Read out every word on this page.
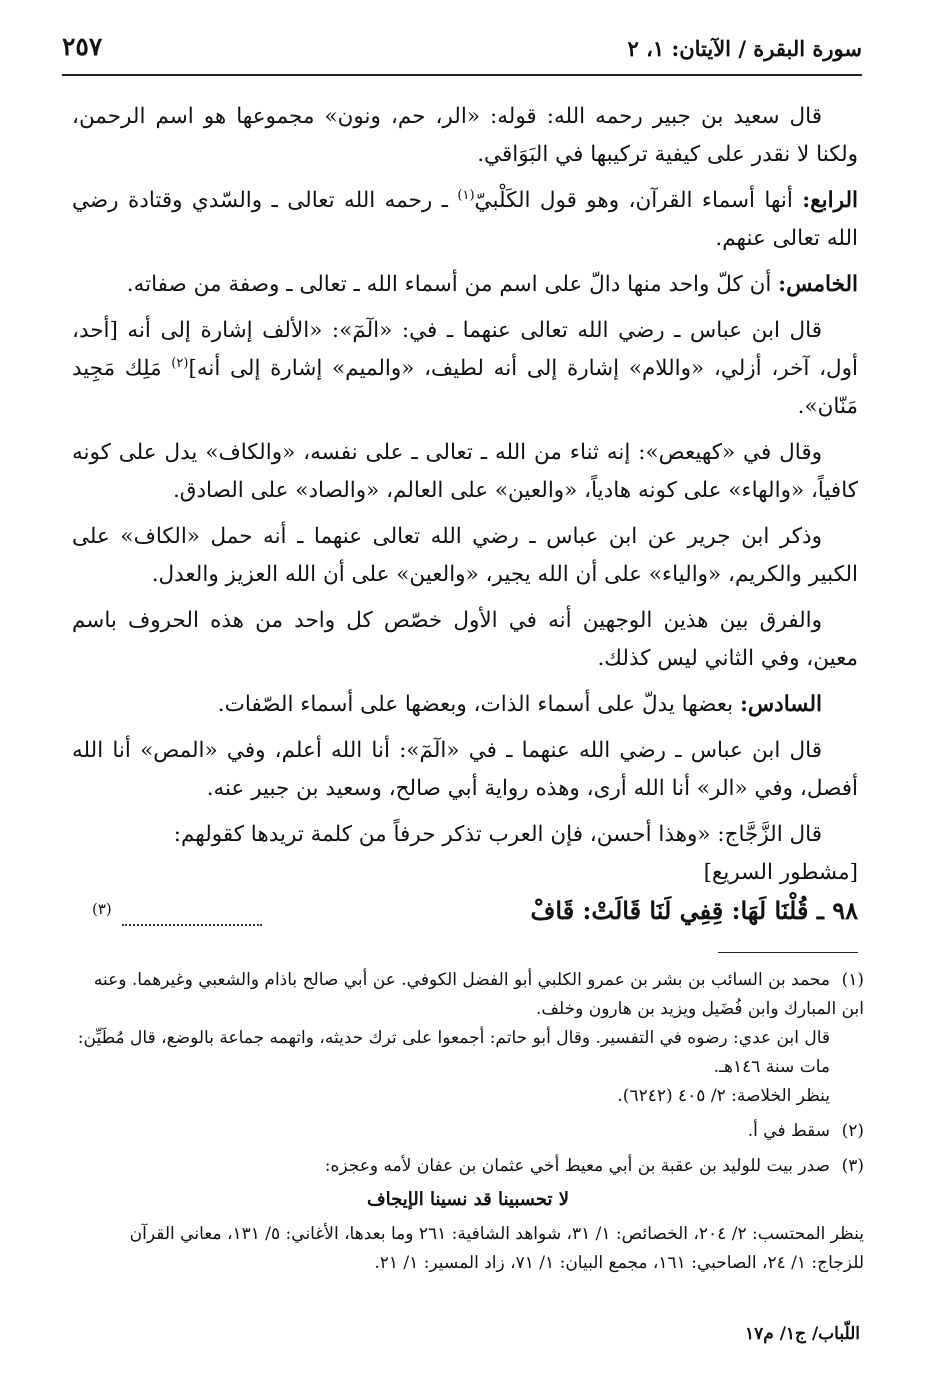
سورة البقرة / الآيتان: ١، ٢
٢٥٧

قال سعيد بن جبير رحمه الله: قوله: «الر، حم، ونون» مجموعها هو اسم الرحمن، ولكنا لا نقدر على كيفية تركيبها في البَوَاقي.

الرابع: أنها أسماء القرآن، وهو قول الكَلْبيّ$^{(١)}$ ـ رحمه الله تعالى ـ والسّدي وقتادة رضي الله تعالى عنهم.

الخامس: أن كلّ واحد منها دالّ على اسم من أسماء الله ـ تعالى ـ وصفة من صفاته.

قال ابن عباس ـ رضي الله تعالى عنهما ـ في: «الٓمٓ»: «الألف إشارة إلى أنه [أحد، أول، آخر، أزلي، «واللام» إشارة إلى أنه لطيف، «والميم» إشارة إلى أنه]$^{(٢)}$ مَلِك مَجِيد مَنّان».

وقال في «كهيعص»: إنه ثناء من الله ـ تعالى ـ على نفسه، «والكاف» يدل على كونه كافياً، «والهاء» على كونه هادياً، «والعين» على العالم، «والصاد» على الصادق.

وذكر ابن جرير عن ابن عباس ـ رضي الله تعالى عنهما ـ أنه حمل «الكاف» على الكبير والكريم، «والياء» على أن الله يجير، «والعين» على أن الله العزيز والعدل.

والفرق بين هذين الوجهين أنه في الأول خصّص كل واحد من هذه الحروف باسم معين، وفي الثاني ليس كذلك.

السادس: بعضها يدلّ على أسماء الذات، وبعضها على أسماء الصّفات.

قال ابن عباس ـ رضي الله عنهما ـ في «الٓمٓ»: أنا الله أعلم، وفي «المص» أنا الله أفصل، وفي «الر» أنا الله أرى، وهذه رواية أبي صالح، وسعيد بن جبير عنه.

قال الزَّجَّاج: «وهذا أحسن، فإن العرب تذكر حرفاً من كلمة تريدها كقولهم:
[مشطور السريع]

٩٨ ـ قُلْنَا لَهَا: قِفِي لَنَا قَالَتْ: قَافْ
(٣)
(١)محمد بن السائب بن بشر بن عمرو الكلبي أبو الفضل الكوفي. عن أبي صالح باذام والشعبي وغيرهما. وعنه ابن المبارك وابن فُضَيل ويزيد بن هارون وخلف.
قال ابن عدي: رضوه في التفسير. وقال أبو حاتم: أجمعوا على ترك حديثه، واتهمه جماعة بالوضع، قال مُطَيِّن: مات سنة ١٤٦هـ.
ينظر الخلاصة: ٢/ ٤٠٥ (٦٢٤٢).
(٢)سقط في أ.
(٣)صدر بيت للوليد بن عقبة بن أبي معيط أخي عثمان بن عفان لأمه وعجزه:
لا تحسبينا قد نسينا الإيجاف
ينظر المحتسب: ٢/ ٢٠٤، الخصائص: ١/ ٣١، شواهد الشافية: ٢٦١ وما بعدها، الأغاني: ٥/ ١٣١، معاني القرآن للزجاج: ١/ ٢٤، الصاحبي: ١٦١، مجمع البيان: ١/ ٧١، زاد المسير: ١/ ٢١.
اللّباب/ ج١/ م١٧
